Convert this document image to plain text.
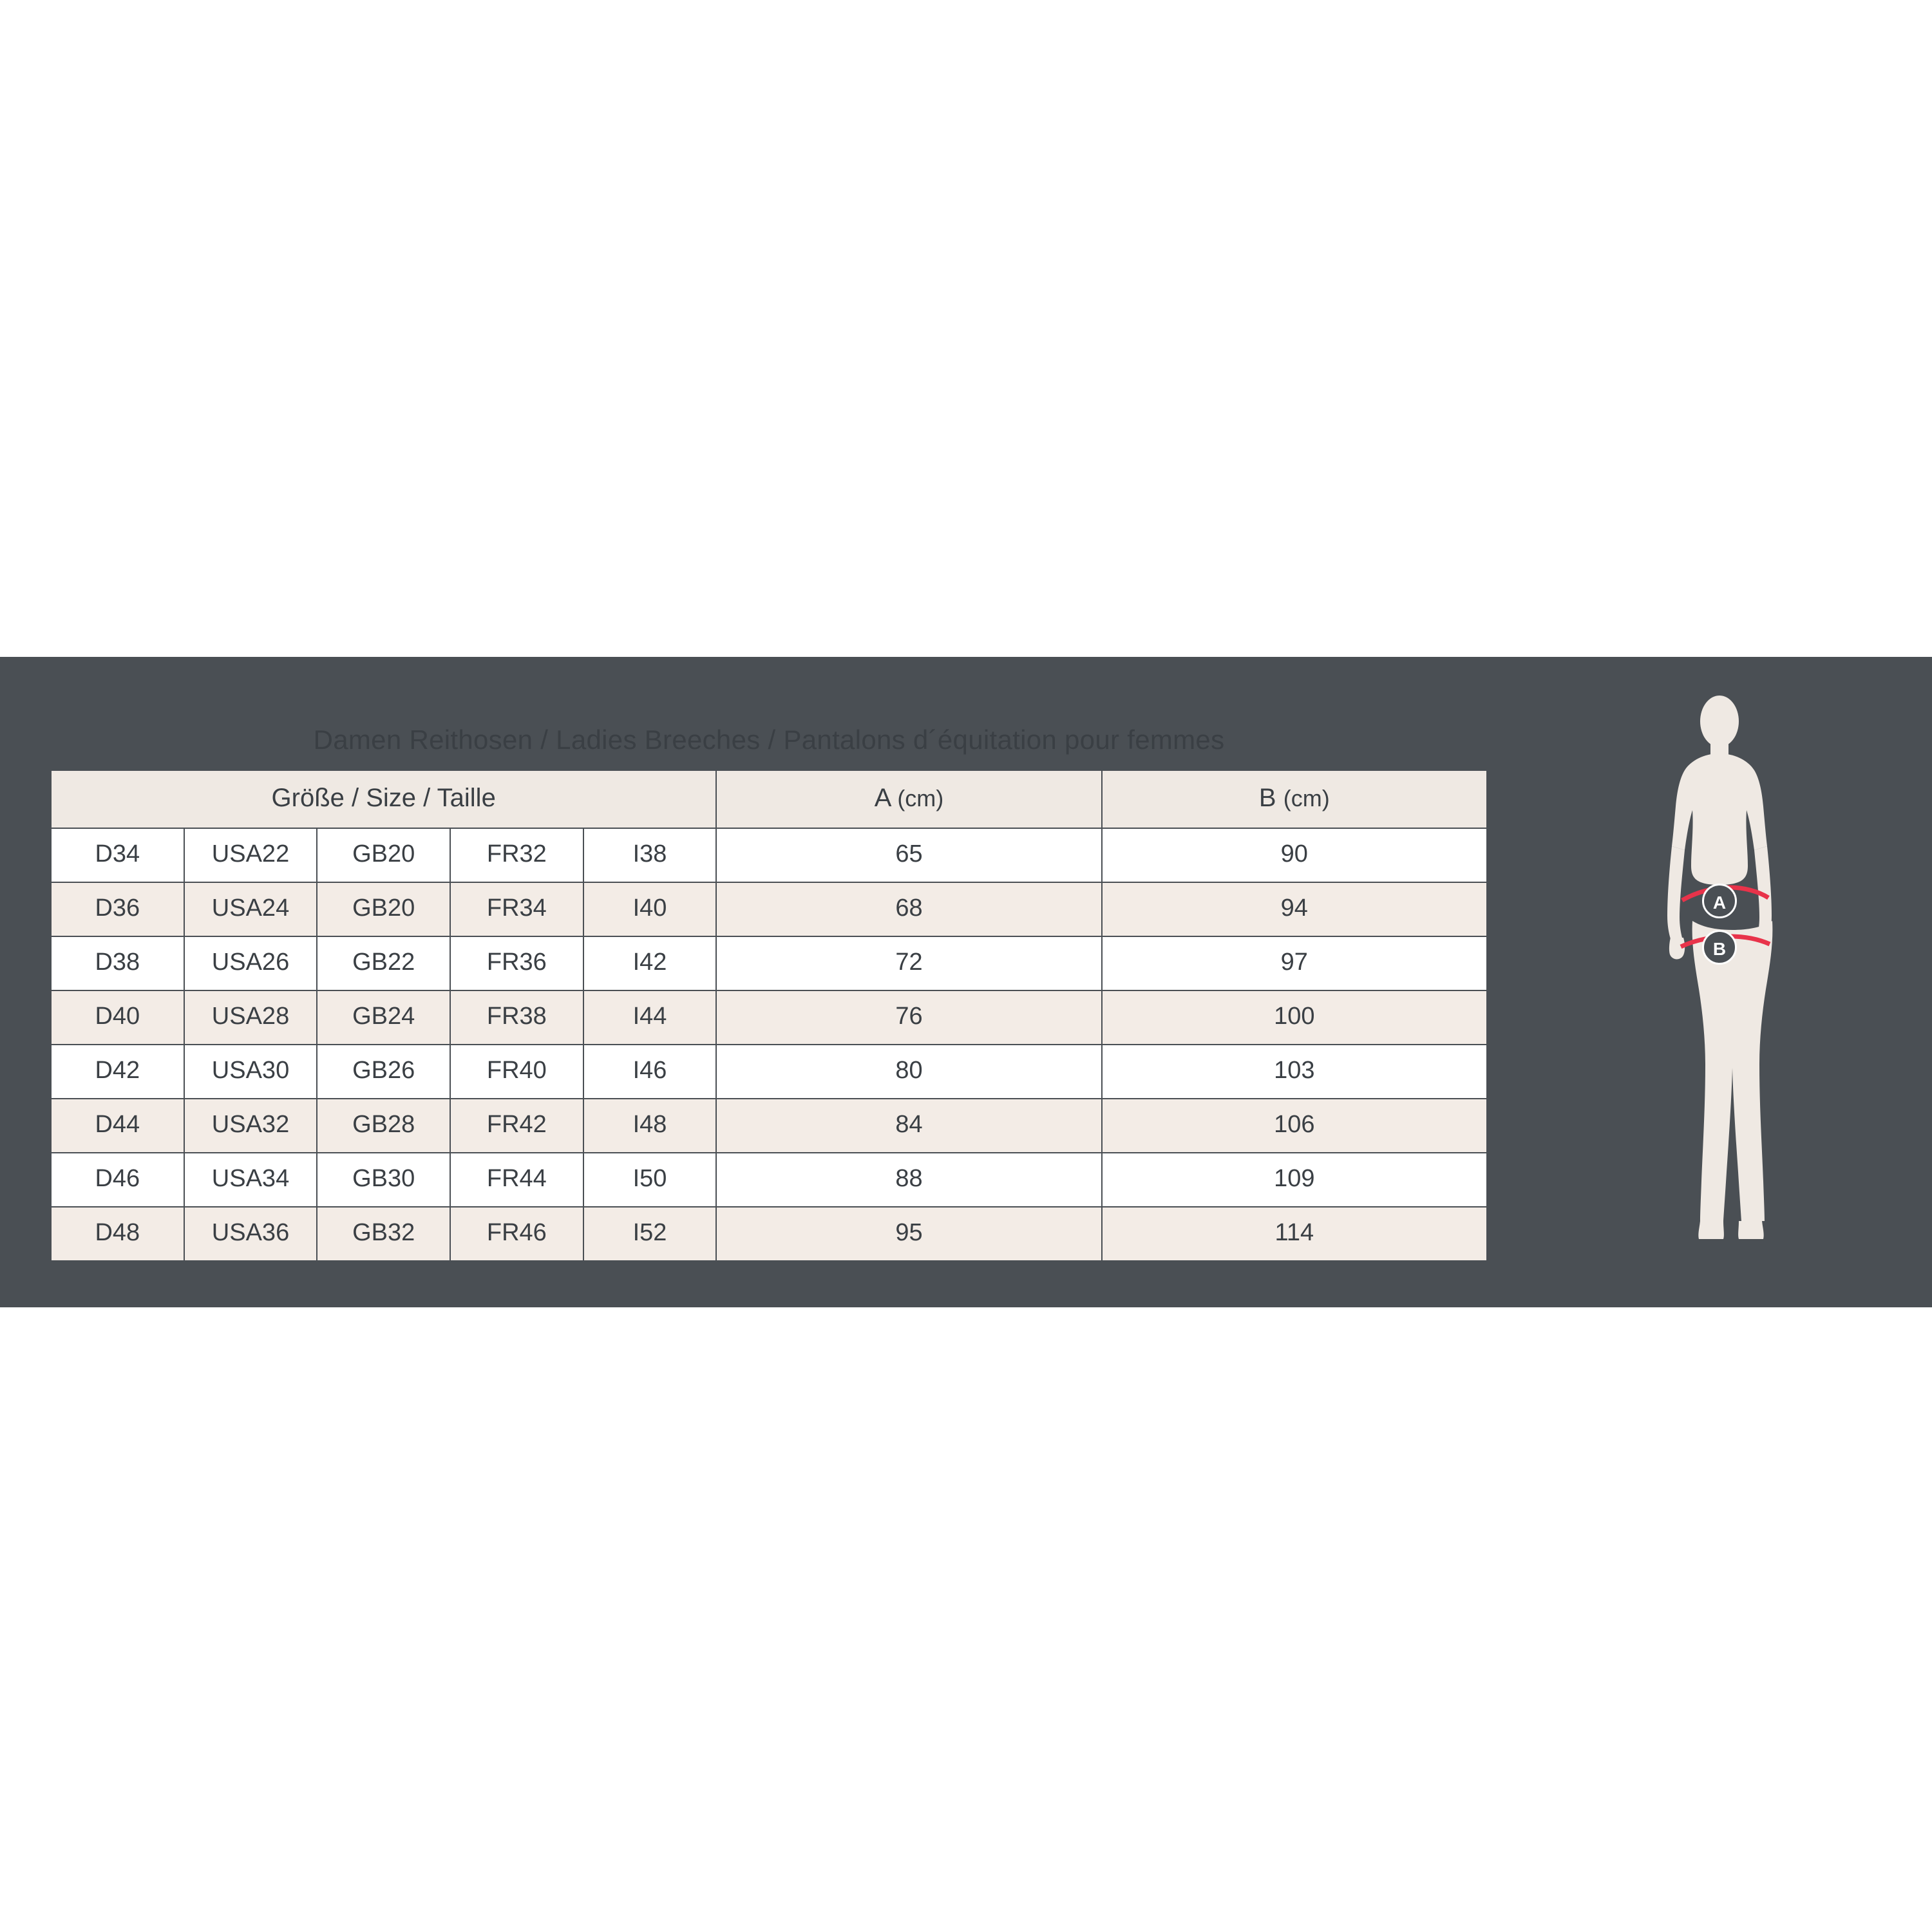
Damen Reithosen / Ladies Breeches / Pantalons d´équitation pour femmes						
Größe / Size / Taille					A (cm)	B (cm)
D34	USA22	GB20	FR32	I38	65	90
D36	USA24	GB20	FR34	I40	68	94
D38	USA26	GB22	FR36	I42	72	97
D40	USA28	GB24	FR38	I44	76	100
D42	USA30	GB26	FR40	I46	80	103
D44	USA32	GB28	FR42	I48	84	106
D46	USA34	GB30	FR44	I50	88	109
D48	USA36	GB32	FR46	I52	95	114
A
B
